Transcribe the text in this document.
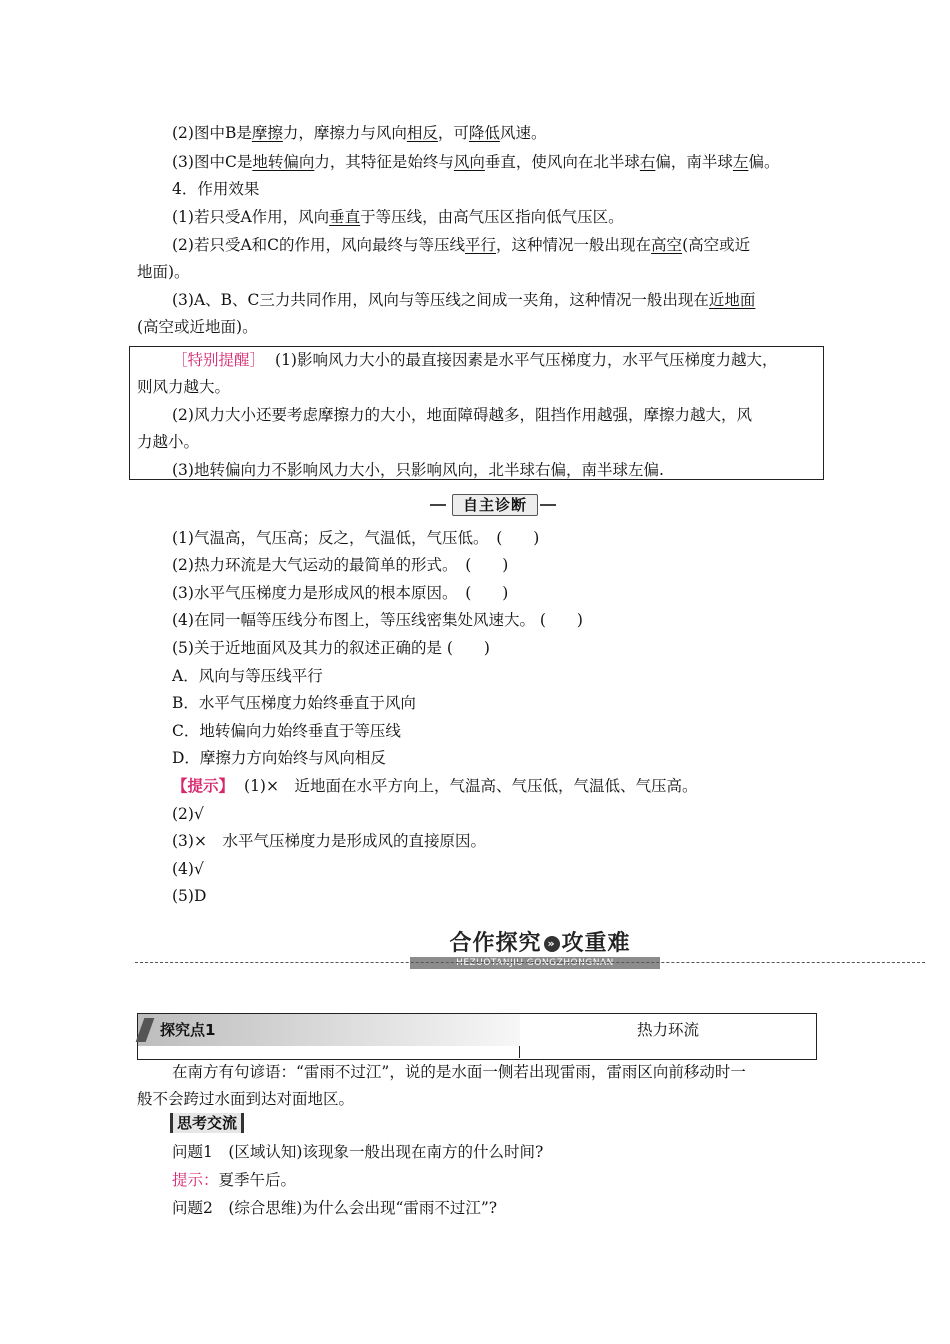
(2)图中B是摩擦力，摩擦力与风向相反，可降低风速。
(3)图中C是地转偏向力，其特征是始终与风向垂直，使风向在北半球右偏，南半球左偏。
4．作用效果
(1)若只受A作用，风向垂直于等压线，由高气压区指向低气压区。
(2)若只受A和C的作用，风向最终与等压线平行，这种情况一般出现在高空(高空或近
地面)。
(3)A、B、C三力共同作用，风向与等压线之间成一夹角，这种情况一般出现在近地面
(高空或近地面)。
［特别提醒］ (1)影响风力大小的最直接因素是水平气压梯度力，水平气压梯度力越大，
则风力越大。
(2)风力大小还要考虑摩擦力的大小，地面障碍越多，阻挡作用越强，摩擦力越大，风
力越小。
(3)地转偏向力不影响风力大小，只影响风向，北半球右偏，南半球左偏.
自主诊断
(1)气温高，气压高；反之，气温低，气压低。　(　　)
(2)热力环流是大气运动的最简单的形式。　(　　)
(3)水平气压梯度力是形成风的根本原因。　(　　)
(4)在同一幅等压线分布图上，等压线密集处风速大。 (　　)
(5)关于近地面风及其力的叙述正确的是 (　　)
A．风向与等压线平行
B．水平气压梯度力始终垂直于风向
C．地转偏向力始终垂直于等压线
D．摩擦力方向始终与风向相反
【提示】 (1)×　近地面在水平方向上，气温高、气压低，气温低、气压高。
(2)√
(3)×　水平气压梯度力是形成风的直接原因。
(4)√
(5)D
合作探究 » 攻重难
HEZUOTANJIU GONGZHONGNAN
探究点1	热力环流
在南方有句谚语：“雷雨不过江”，说的是水面一侧若出现雷雨，雷雨区向前移动时一
般不会跨过水面到达对面地区。
思考交流
问题1　(区域认知)该现象一般出现在南方的什么时间?
提示：夏季午后。
问题2　(综合思维)为什么会出现“雷雨不过江”?
